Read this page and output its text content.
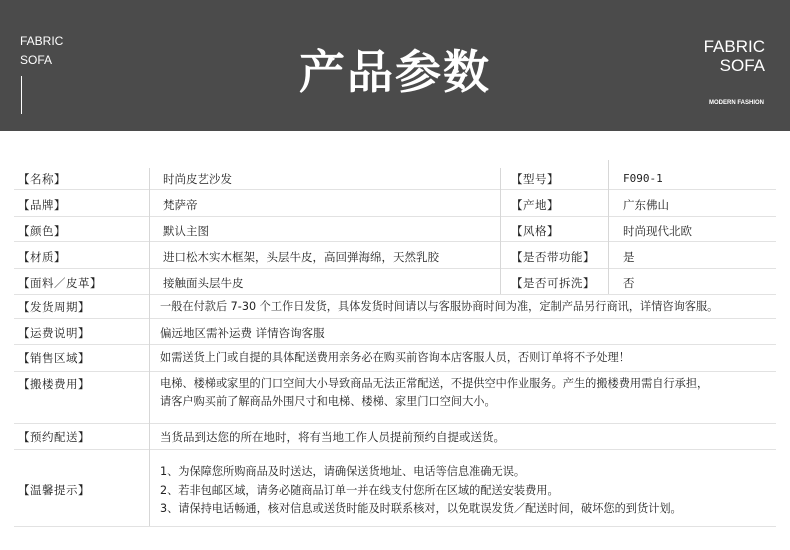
FABRIC
SOFA	产品参数	FABRIC
SOFA
MODERN FASHION
【名称】	时尚皮艺沙发	【型号】	F090-1
【品牌】	梵萨帝	【产地】	广东佛山
【颜色】	默认主图	【风格】	时尚现代北欧
【材质】	进口松木实木框架，头层牛皮，高回弹海绵，天然乳胶	【是否带功能】 是
【面料／皮革】	接触面头层牛皮	【是否可拆洗】 否
【发货周期】	一般在付款后 7-30 个工作日发货，具体发货时间请以与客服协商时间为准，定制产品另行商讯，详情咨询客服。
【运费说明】	偏远地区需补运费 详情咨询客服
【销售区域】	如需送货上门或自提的具体配送费用亲务必在购买前咨询本店客服人员，否则订单将不予处理！
【搬楼费用】	电梯、楼梯或家里的门口空间大小导致商品无法正常配送，不提供空中作业服务。产生的搬楼费用需自行承担，
请客户购买前了解商品外围尺寸和电梯、楼梯、家里门口空间大小。
【预约配送】	当货品到达您的所在地时，将有当地工作人员提前预约自提或送货。
【温馨提示】
1、为保障您所购商品及时送达，请确保送货地址、电话等信息准确无误。
2、若非包邮区域，请务必随商品订单一并在线支付您所在区域的配送安装费用。
3、请保持电话畅通，核对信息或送货时能及时联系核对，以免耽误发货／配送时间，破坏您的到货计划。
